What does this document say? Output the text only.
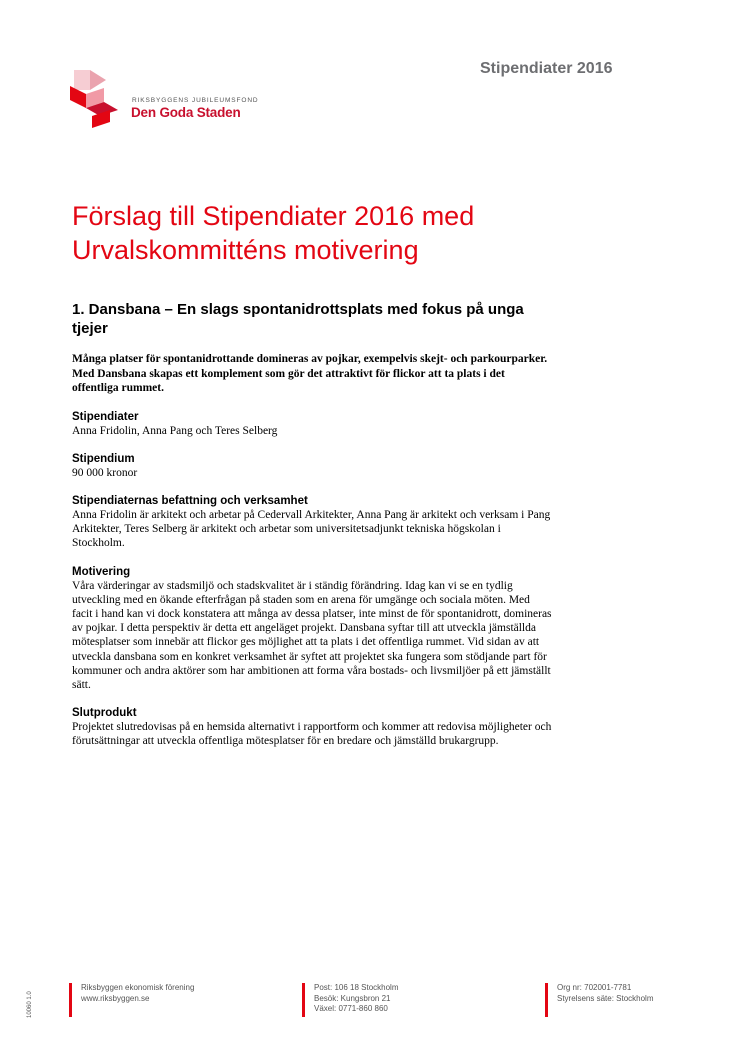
Stipendiater 2016
RIKSBYGGENS JUBILEUMSFOND
Den Goda Staden
Förslag till Stipendiater 2016 med Urvalskommitténs motivering
1. Dansbana – En slags spontanidrottsplats med fokus på unga tjejer

Många platser för spontanidrottande domineras av pojkar, exempelvis skejt- och parkourparker. Med Dansbana skapas ett komplement som gör det attraktivt för flickor att ta plats i det offentliga rummet.

Stipendiater
Anna Fridolin, Anna Pang och Teres Selberg
Stipendium
90 000 kronor
Stipendiaternas befattning och verksamhet
Anna Fridolin är arkitekt och arbetar på Cedervall Arkitekter, Anna Pang är arkitekt och verksam i Pang Arkitekter, Teres Selberg är arkitekt och arbetar som universitetsadjunkt tekniska högskolan i Stockholm.
Motivering
Våra värderingar av stadsmiljö och stadskvalitet är i ständig förändring. Idag kan vi se en tydlig utveckling med en ökande efterfrågan på staden som en arena för umgänge och sociala möten. Med facit i hand kan vi dock konstatera att många av dessa platser, inte minst de för spontanidrott, domineras av pojkar. I detta perspektiv är detta ett angeläget projekt. Dansbana syftar till att utveckla jämställda mötesplatser som innebär att flickor ges möjlighet att ta plats i det offentliga rummet. Vid sidan av att utveckla dansbana som en konkret verksamhet är syftet att projektet ska fungera som stödjande part för kommuner och andra aktörer som har ambitionen att forma våra bostads- och livsmiljöer på ett jämställt sätt.
Slutprodukt
Projektet slutredovisas på en hemsida alternativt i rapportform och kommer att redovisa möjligheter och förutsättningar att utveckla offentliga mötesplatser för en bredare och jämställd brukargrupp.
10060 1.0
Riksbyggen ekonomisk förening
www.riksbyggen.se
Post: 106 18 Stockholm
Besök: Kungsbron 21
Växel: 0771-860 860
Org nr: 702001-7781
Styrelsens säte: Stockholm
